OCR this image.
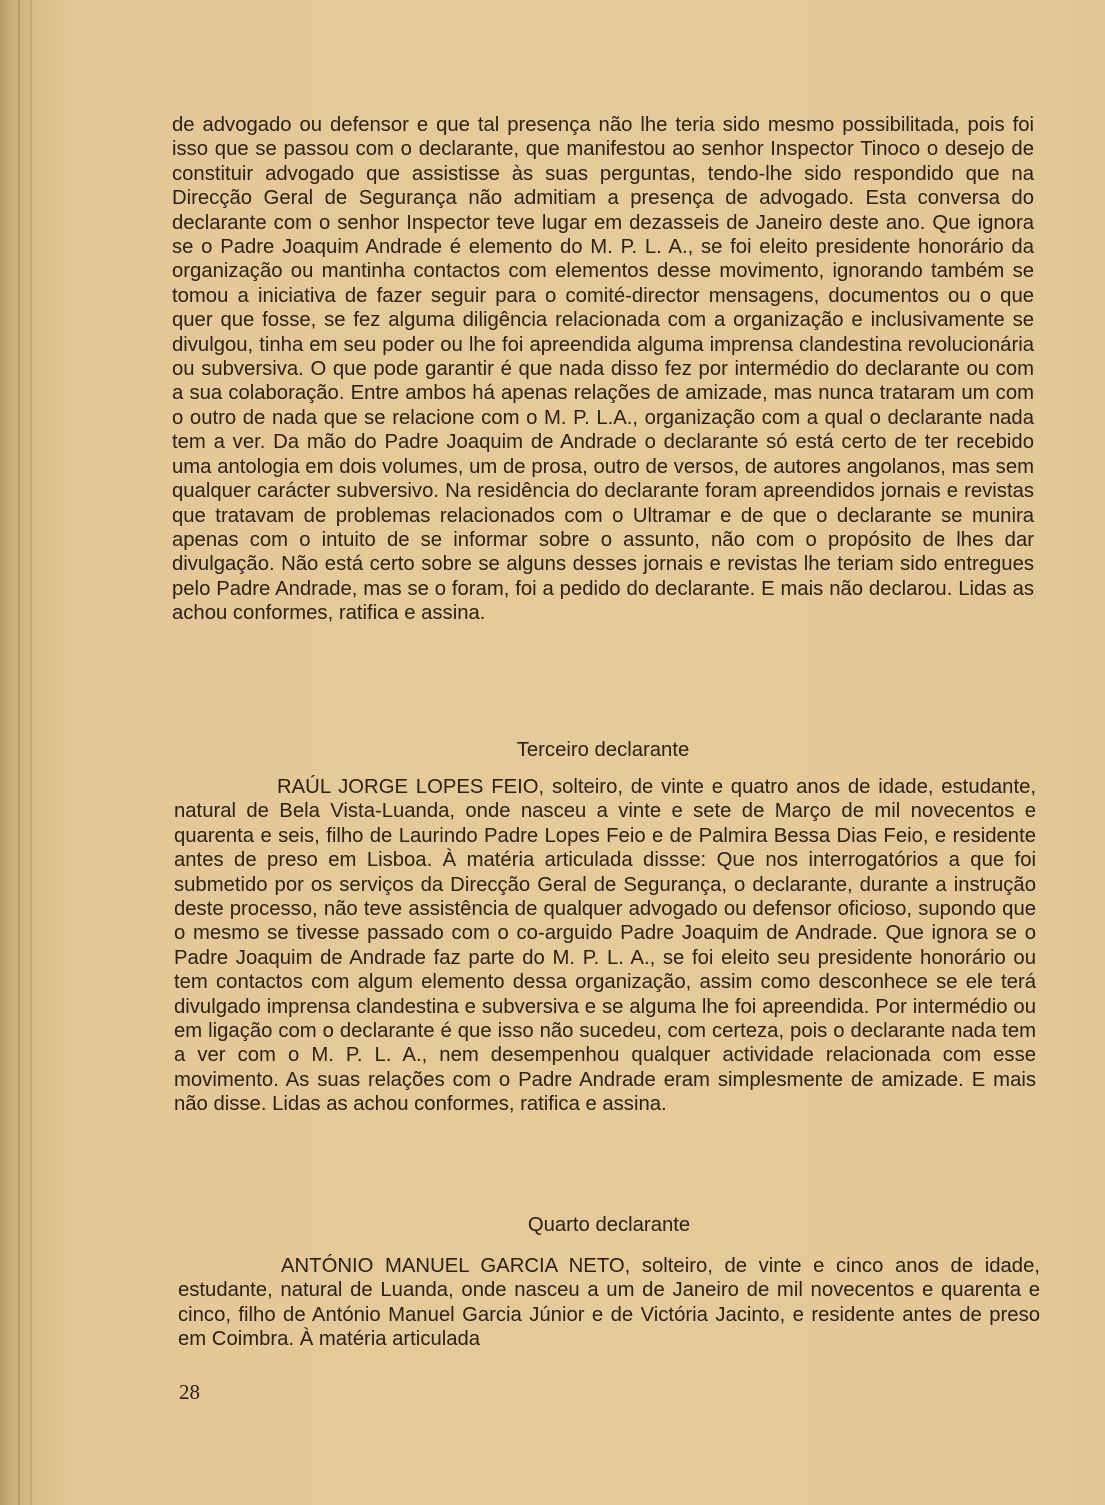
de advogado ou defensor e que tal presença não lhe teria sido mesmo possibilitada, pois foi isso que se passou com o declarante, que manifestou ao senhor Inspector Tinoco o desejo de constituir advogado que assistisse às suas perguntas, tendo-lhe sido respondido que na Direcção Geral de Segurança não admitiam a presença de advogado. Esta conversa do declarante com o senhor Inspector teve lugar em dezasseis de Janeiro deste ano. Que ignora se o Padre Joaquim Andrade é elemento do M. P. L. A., se foi eleito presidente honorário da organização ou mantinha contactos com elementos desse movimento, ignorando também se tomou a iniciativa de fazer seguir para o comité-director mensagens, documentos ou o que quer que fosse, se fez alguma diligência relacionada com a organização e inclusivamente se divulgou, tinha em seu poder ou lhe foi apreendida alguma imprensa clandestina revolucionária ou subversiva. O que pode garantir é que nada disso fez por intermédio do declarante ou com a sua colaboração. Entre ambos há apenas relações de amizade, mas nunca trataram um com o outro de nada que se relacione com o M. P. L.A., organização com a qual o declarante nada tem a ver. Da mão do Padre Joaquim de Andrade o declarante só está certo de ter recebido uma antologia em dois volumes, um de prosa, outro de versos, de autores angolanos, mas sem qualquer carácter subversivo. Na residência do declarante foram apreendidos jornais e revistas que tratavam de problemas relacionados com o Ultramar e de que o declarante se munira apenas com o intuito de se informar sobre o assunto, não com o propósito de lhes dar divulgação. Não está certo sobre se alguns desses jornais e revistas lhe teriam sido entregues pelo Padre Andrade, mas se o foram, foi a pedido do declarante. E mais não declarou. Lidas as achou conformes, ratifica e assina.

Terceiro declarante

RAÚL JORGE LOPES FEIO, solteiro, de vinte e quatro anos de idade, estudante, natural de Bela Vista-Luanda, onde nasceu a vinte e sete de Março de mil novecentos e quarenta e seis, filho de Laurindo Padre Lopes Feio e de Palmira Bessa Dias Feio, e residente antes de preso em Lisboa. À matéria articulada dissse: Que nos interrogatórios a que foi submetido por os serviços da Direcção Geral de Segurança, o declarante, durante a instrução deste processo, não teve assistência de qualquer advogado ou defensor oficioso, supondo que o mesmo se tivesse passado com o co-arguido Padre Joaquim de Andrade. Que ignora se o Padre Joaquim de Andrade faz parte do M. P. L. A., se foi eleito seu presidente honorário ou tem contactos com algum elemento dessa organização, assim como desconhece se ele terá divulgado imprensa clandestina e subversiva e se alguma lhe foi apreendida. Por intermédio ou em ligação com o declarante é que isso não sucedeu, com certeza, pois o declarante nada tem a ver com o M. P. L. A., nem desempenhou qualquer actividade relacionada com esse movimento. As suas relações com o Padre Andrade eram simplesmente de amizade. E mais não disse. Lidas as achou conformes, ratifica e assina.

Quarto declarante

ANTÓNIO MANUEL GARCIA NETO, solteiro, de vinte e cinco anos de idade, estudante, natural de Luanda, onde nasceu a um de Janeiro de mil novecentos e quarenta e cinco, filho de António Manuel Garcia Júnior e de Victória Jacinto, e residente antes de preso em Coimbra. À matéria articulada

28
